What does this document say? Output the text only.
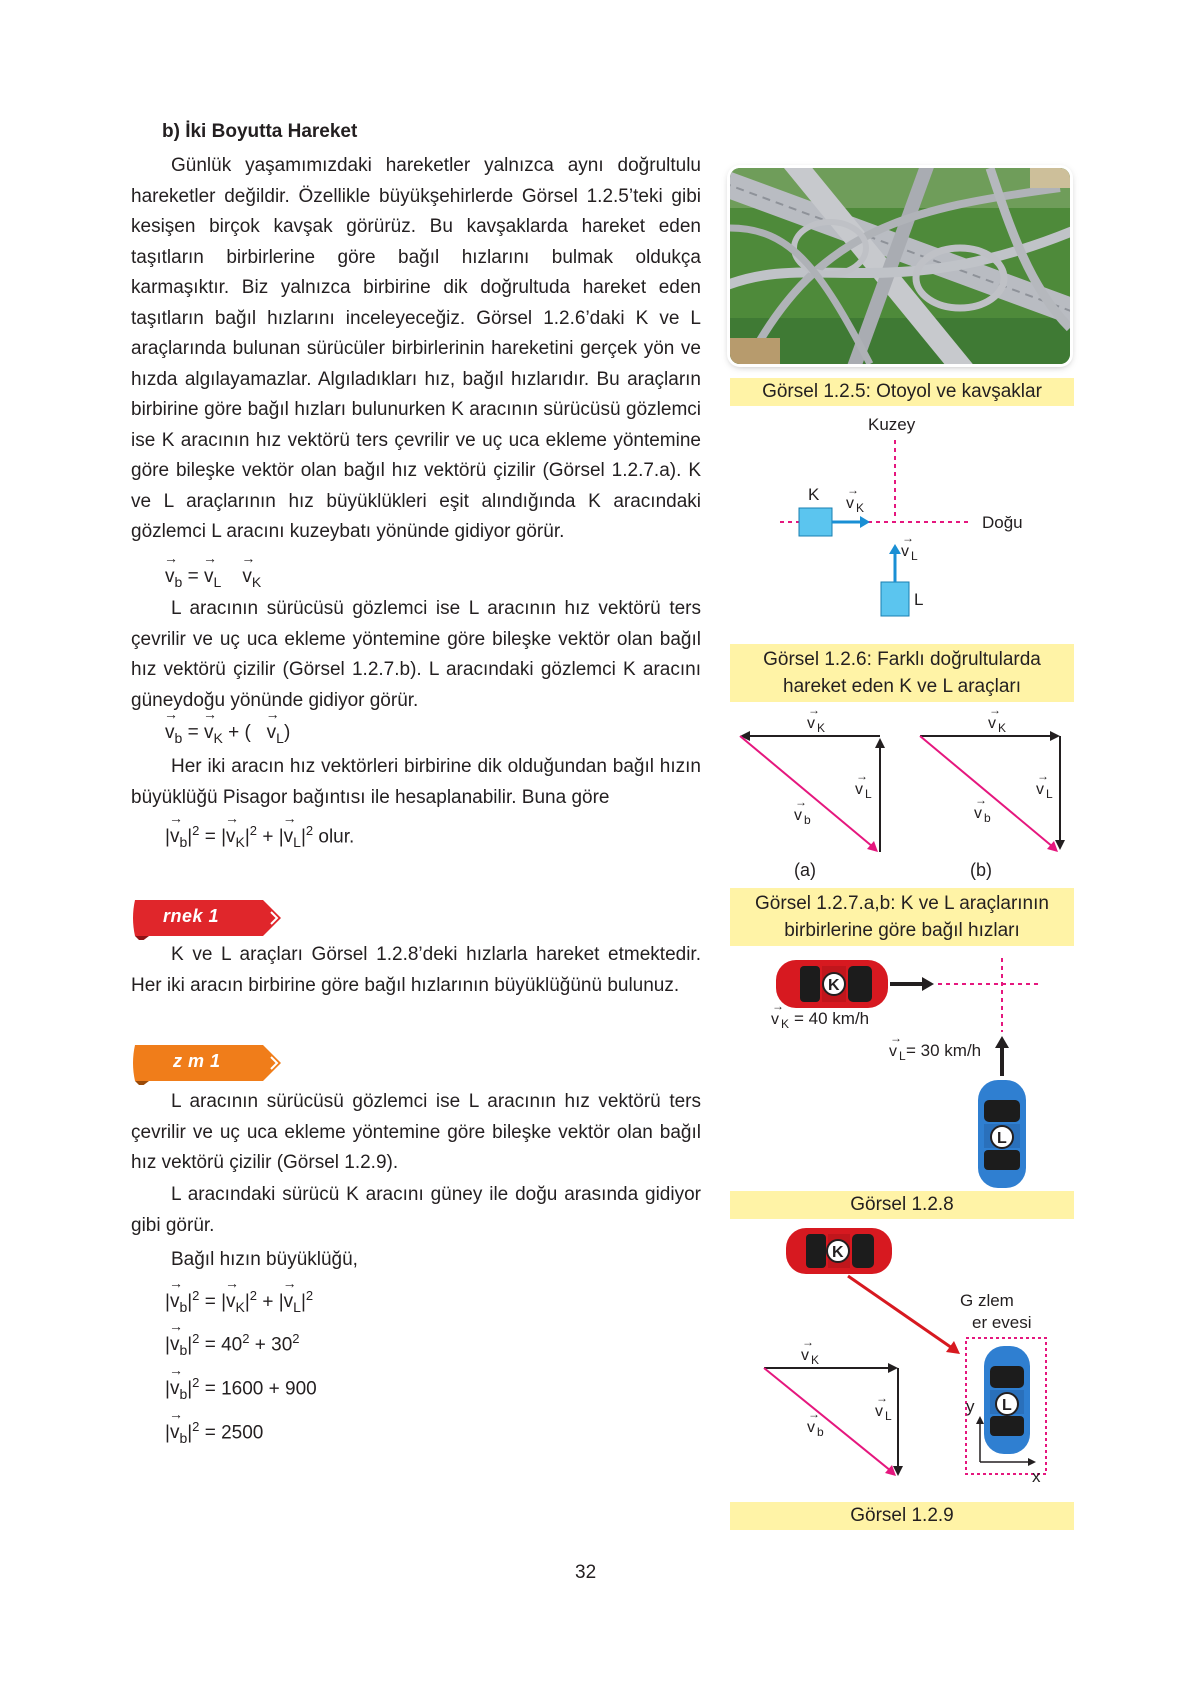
b) İki Boyutta Hareket
Günlük yaşamımızdaki hareketler yalnızca aynı doğrultulu hareketler değildir. Özellikle büyükşehirlerde Görsel 1.2.5’teki gibi kesişen birçok kavşak görürüz. Bu kavşaklarda hareket eden taşıtların birbirlerine göre bağıl hızlarını bulmak oldukça karmaşıktır. Biz yalnızca birbirine dik doğrultuda hareket eden taşıtların bağıl hızlarını inceleyeceğiz. Görsel 1.2.6’daki K ve L araçlarında bulunan sürücüler birbirlerinin hareketini gerçek yön ve hızda algılayamazlar. Algıladıkları hız, bağıl hızlarıdır. Bu araçların birbirine göre bağıl hızları bulunurken K aracının sürücüsü gözlemci ise K aracının hız vektörü ters çevrilir ve uç uca ekleme yöntemine göre bileşke vektör olan bağıl hız vektörü çizilir (Görsel 1.2.7.a). K ve L araçlarının hız büyüklükleri eşit alındığında K aracındaki gözlemci L aracını kuzeybatı yönünde gidiyor görür.
→
$v_b$ =
→
$v_L$
→
$v_K$
L aracının sürücüsü gözlemci ise L aracının hız vektörü ters çevrilir ve uç uca ekleme yöntemine göre bileşke vektör olan bağıl hız vektörü çizilir (Görsel 1.2.7.b). L aracındaki gözlemci K aracını güneydoğu yönünde gidiyor görür.
→
$v_b$ =
→
$v_K$ + (
→
$v_L$)
Her iki aracın hız vektörleri birbirine dik olduğundan bağıl hızın büyüklüğü Pisagor bağıntısı ile hesaplanabilir. Buna göre
|
→
$v_b|^2$ = |
→
$v_K|^2$ + |
→
$v_L|^2$ olur.
rnek 1
K ve L araçları Görsel 1.2.8’deki hızlarla hareket etmektedir. Her iki aracın birbirine göre bağıl hızlarının büyüklüğünü bulunuz.
z m 1
L aracının sürücüsü gözlemci ise L aracının hız vektörü ters çevrilir ve uç uca ekleme yöntemine göre bileşke vektör olan bağıl hız vektörü çizilir (Görsel 1.2.9).
L aracındaki sürücü K aracını güney ile doğu arasında gidiyor gibi görür.
Bağıl hızın büyüklüğü,
|
→
$v_b|^2$ = |
→
$v_K|^2$ + |
→
$v_L|^2$
|
→
$v_b|^2 = 40^2 + 30^2$
|
→
$v_b|^2 = 1600 + 900$
|
→
$v_b|^2 = 2500$
32
Görsel 1.2.5: Otoyol ve kavşaklar
Kuzey
Doğu
K →
v K
L
→
v L
Görsel 1.2.6: Farklı doğrultularda
hareket eden K ve L araçları
→
v K
→
v L
→
v b
(a)
→
v K
→
v L
→
v b
(b)
Görsel 1.2.7.a,b: K ve L araçlarının
birbirlerine göre bağıl hızları
K
→
v K = 40 km/h
→
v L = 30 km/h
L
Görsel 1.2.8
K
G zlem
er evesi
L
y
x
→
v K
→
v L
→
v b
Görsel 1.2.9
